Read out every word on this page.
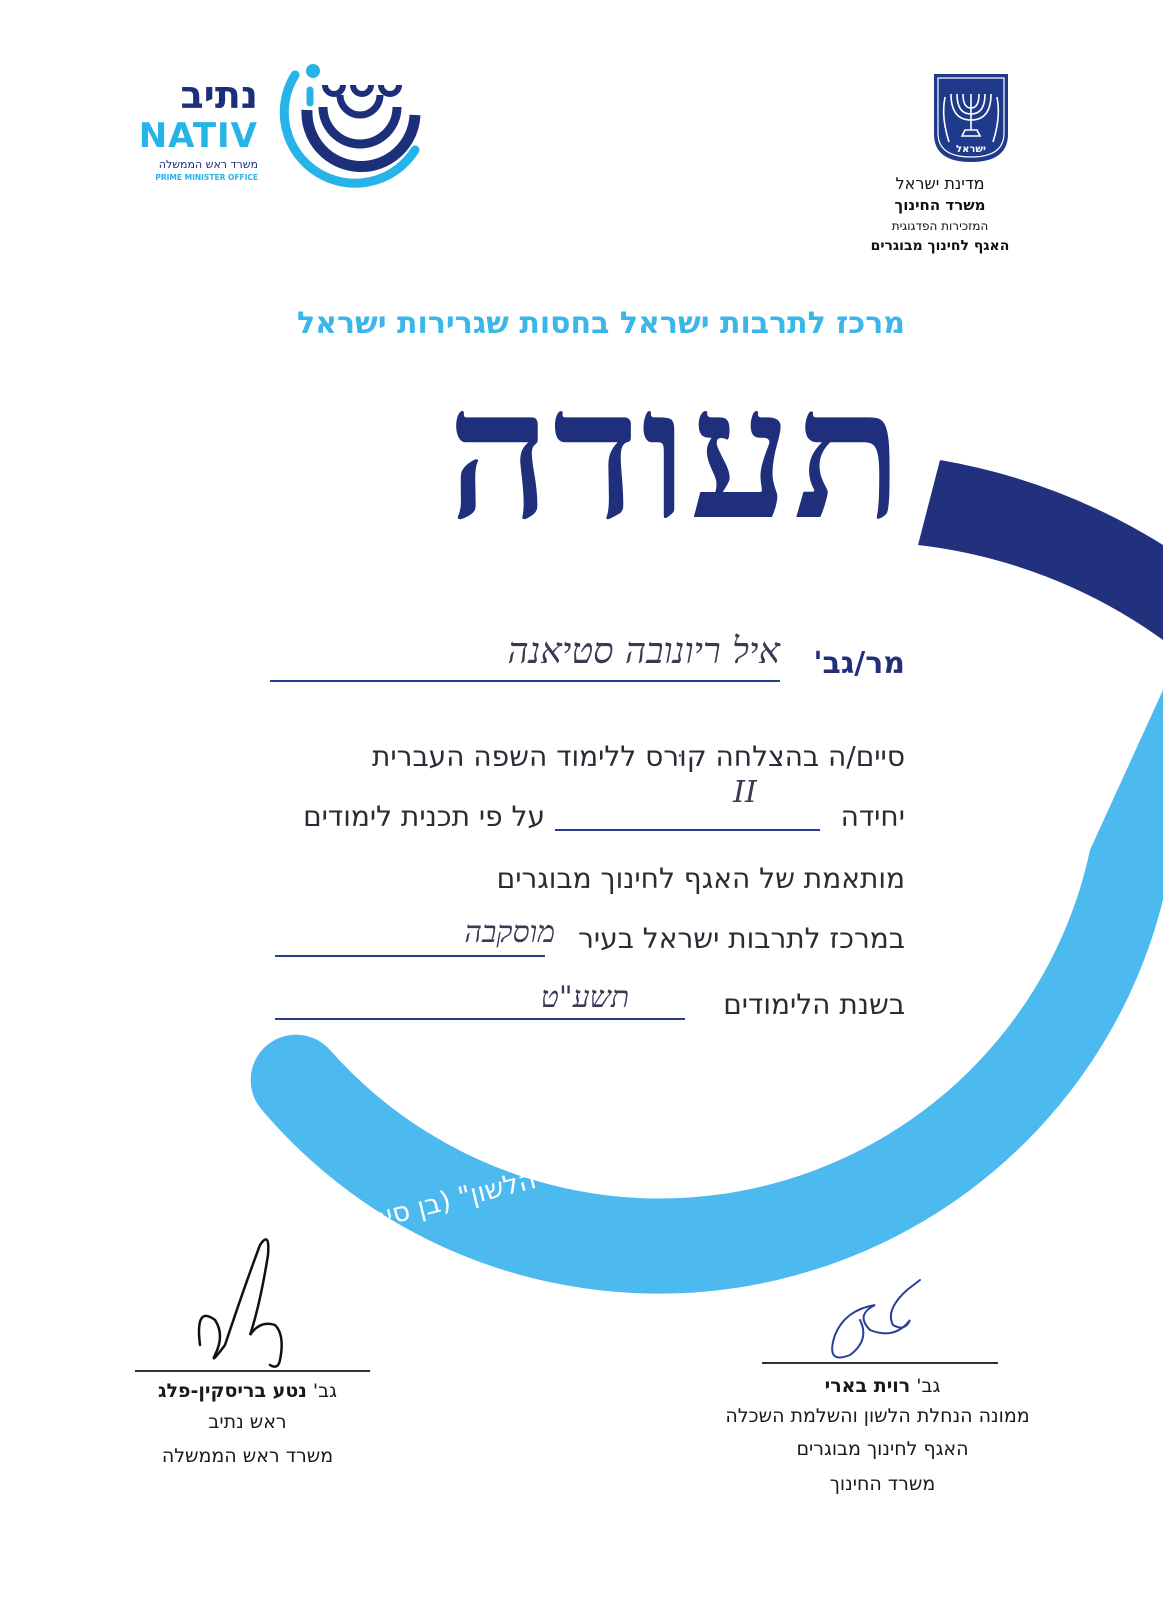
נתיב
NATIV
משרד ראש הממשלה
PRIME MINISTER OFFICE
ישראל
מדינת ישראל
משרד החינוך
המזכירות הפדגוגית
האגף לחינוך מבוגרים
מרכז לתרבות ישראל בחסות שגרירות ישראל
תעודה
מר/גב'
איל ריונובה סטיאנה
סיים/ה בהצלחה קוּרס ללימוד השפה העברית
יחידה
II
על פי תכנית לימודים
מותאמת של האגף לחינוך מבוגרים
במרכז לתרבות ישראל בעיר
מוסקבה
בשנת הלימודים
תשע"ט
"חכמת איש ביד הלשון" (בן סירא)
גב' נטע בריסקין-פלג
ראש נתיב
משרד ראש הממשלה
גב' רוית בארי
ממונה הנחלת הלשון והשלמת השכלה
האגף לחינוך מבוגרים
משרד החינוך
